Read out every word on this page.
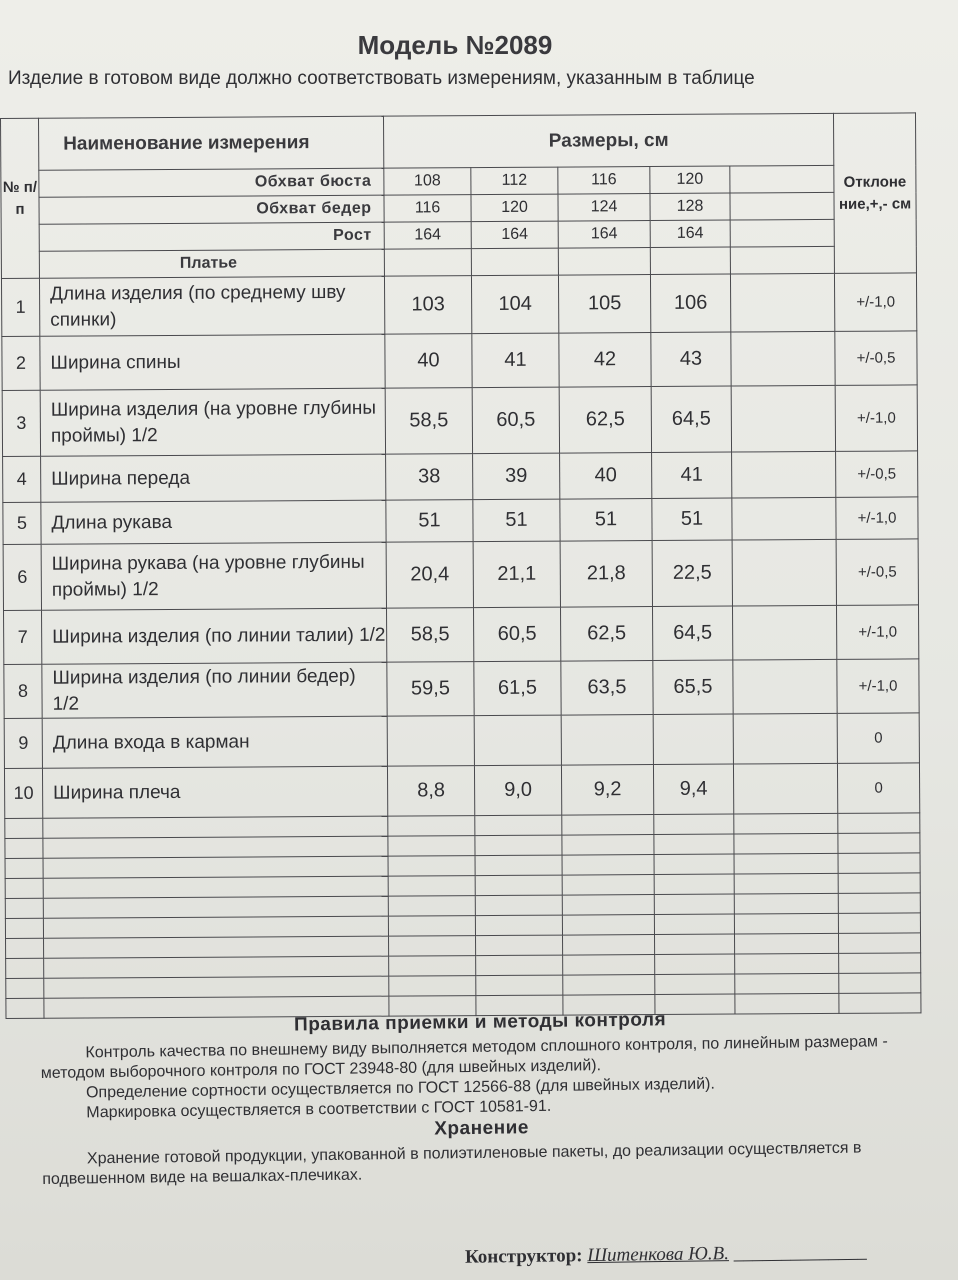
Модель №2089
Изделие в готовом виде должно соответствовать измерениям, указанным в таблице
№ п/п	Наименование измерения	Размеры, см					Отклоне ние,+,- см
	Обхват бюста	108	112	116	120		
	Обхват бедер	116	120	124	128		
	Рост	164	164	164	164		
	Платье						
1	Длина изделия (по среднему шву спинки)	103	104	105	106		+/-1,0
2	Ширина спины	40	41	42	43		+/-0,5
3	Ширина изделия (на уровне глубины проймы) 1/2	58,5	60,5	62,5	64,5		+/-1,0
4	Ширина переда	38	39	40	41		+/-0,5
5	Длина рукава	51	51	51	51		+/-1,0
6	Ширина рукава (на уровне глубины проймы) 1/2	20,4	21,1	21,8	22,5		+/-0,5
7	Ширина изделия (по линии талии) 1/2	58,5	60,5	62,5	64,5		+/-1,0
8	Ширина изделия (по линии бедер) 1/2	59,5	61,5	63,5	65,5		+/-1,0
9	Длина входа в карман						0
10	Ширина плеча	8,8	9,0	9,2	9,4		0

Правила приемки и методы контроля

Контроль качества по внешнему виду выполняется методом сплошного контроля, по линейным размерам - методом выборочного контроля по ГОСТ 23948-80 (для швейных изделий).

Определение сортности осуществляется по ГОСТ 12566-88 (для швейных изделий).

Маркировка осуществляется в соответствии с ГОСТ 10581-91.

Хранение

Хранение готовой продукции, упакованной в полиэтиленовые пакеты, до реализации осуществляется в подвешенном виде на вешалках-плечиках.

Конструктор: Шитенкова Ю.В. ______________
